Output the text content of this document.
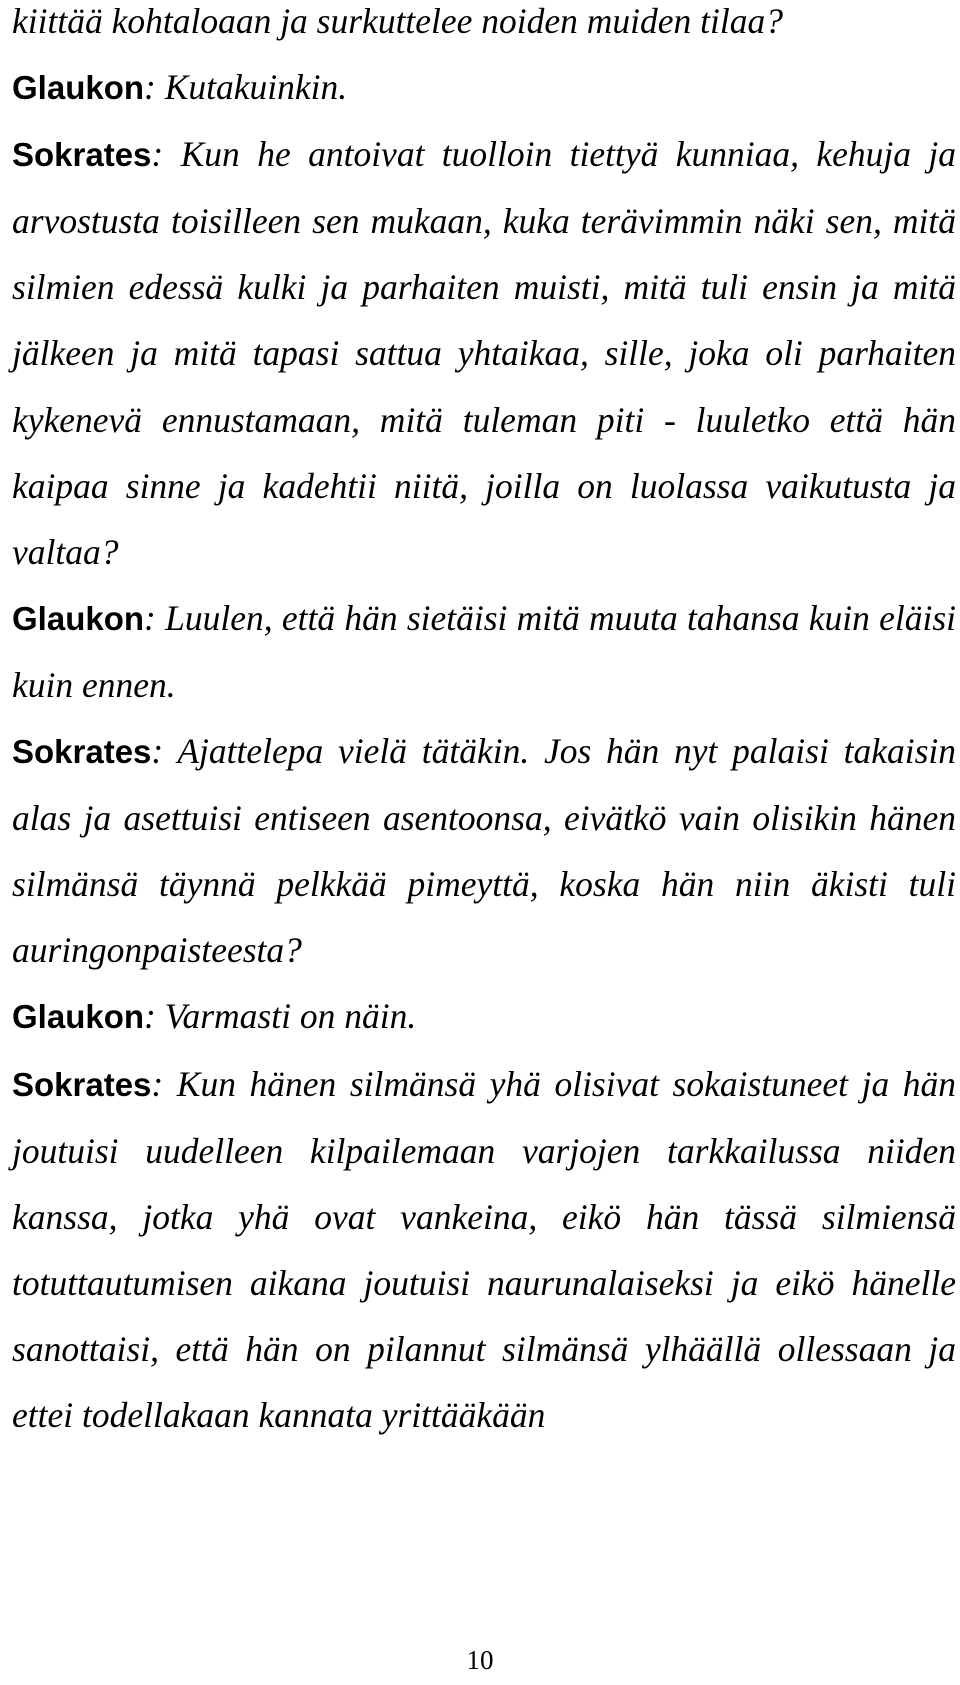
kiittää kohtaloaan ja surkuttelee noiden muiden tilaa?

Glaukon: Kutakuinkin.

Sokrates: Kun he antoivat tuolloin tiettyä kunniaa, kehuja ja arvostusta toisilleen sen mukaan, kuka terävimmin näki sen, mitä silmien edessä kulki ja parhaiten muisti, mitä tuli ensin ja mitä jälkeen ja mitä tapasi sattua yhtaikaa, sille, joka oli parhaiten kykenevä ennustamaan, mitä tuleman piti - luuletko että hän kaipaa sinne ja kadehtii niitä, joilla on luolassa vaikutusta ja valtaa?

Glaukon: Luulen, että hän sietäisi mitä muuta tahansa kuin eläisi kuin ennen.

Sokrates: Ajattelepa vielä tätäkin. Jos hän nyt palaisi takaisin alas ja asettuisi entiseen asentoonsa, eivätkö vain olisikin hänen silmänsä täynnä pelkkää pimeyttä, koska hän niin äkisti tuli auringonpaisteesta?

Glaukon: Varmasti on näin.

Sokrates: Kun hänen silmänsä yhä olisivat sokaistuneet ja hän joutuisi uudelleen kilpailemaan varjojen tarkkailussa niiden kanssa, jotka yhä ovat vankeina, eikö hän tässä silmiensä totuttautumisen aikana joutuisi naurunalaiseksi ja eikö hänelle sanottaisi, että hän on pilannut silmänsä ylhäällä ollessaan ja ettei todellakaan kannata yrittääkään

10
